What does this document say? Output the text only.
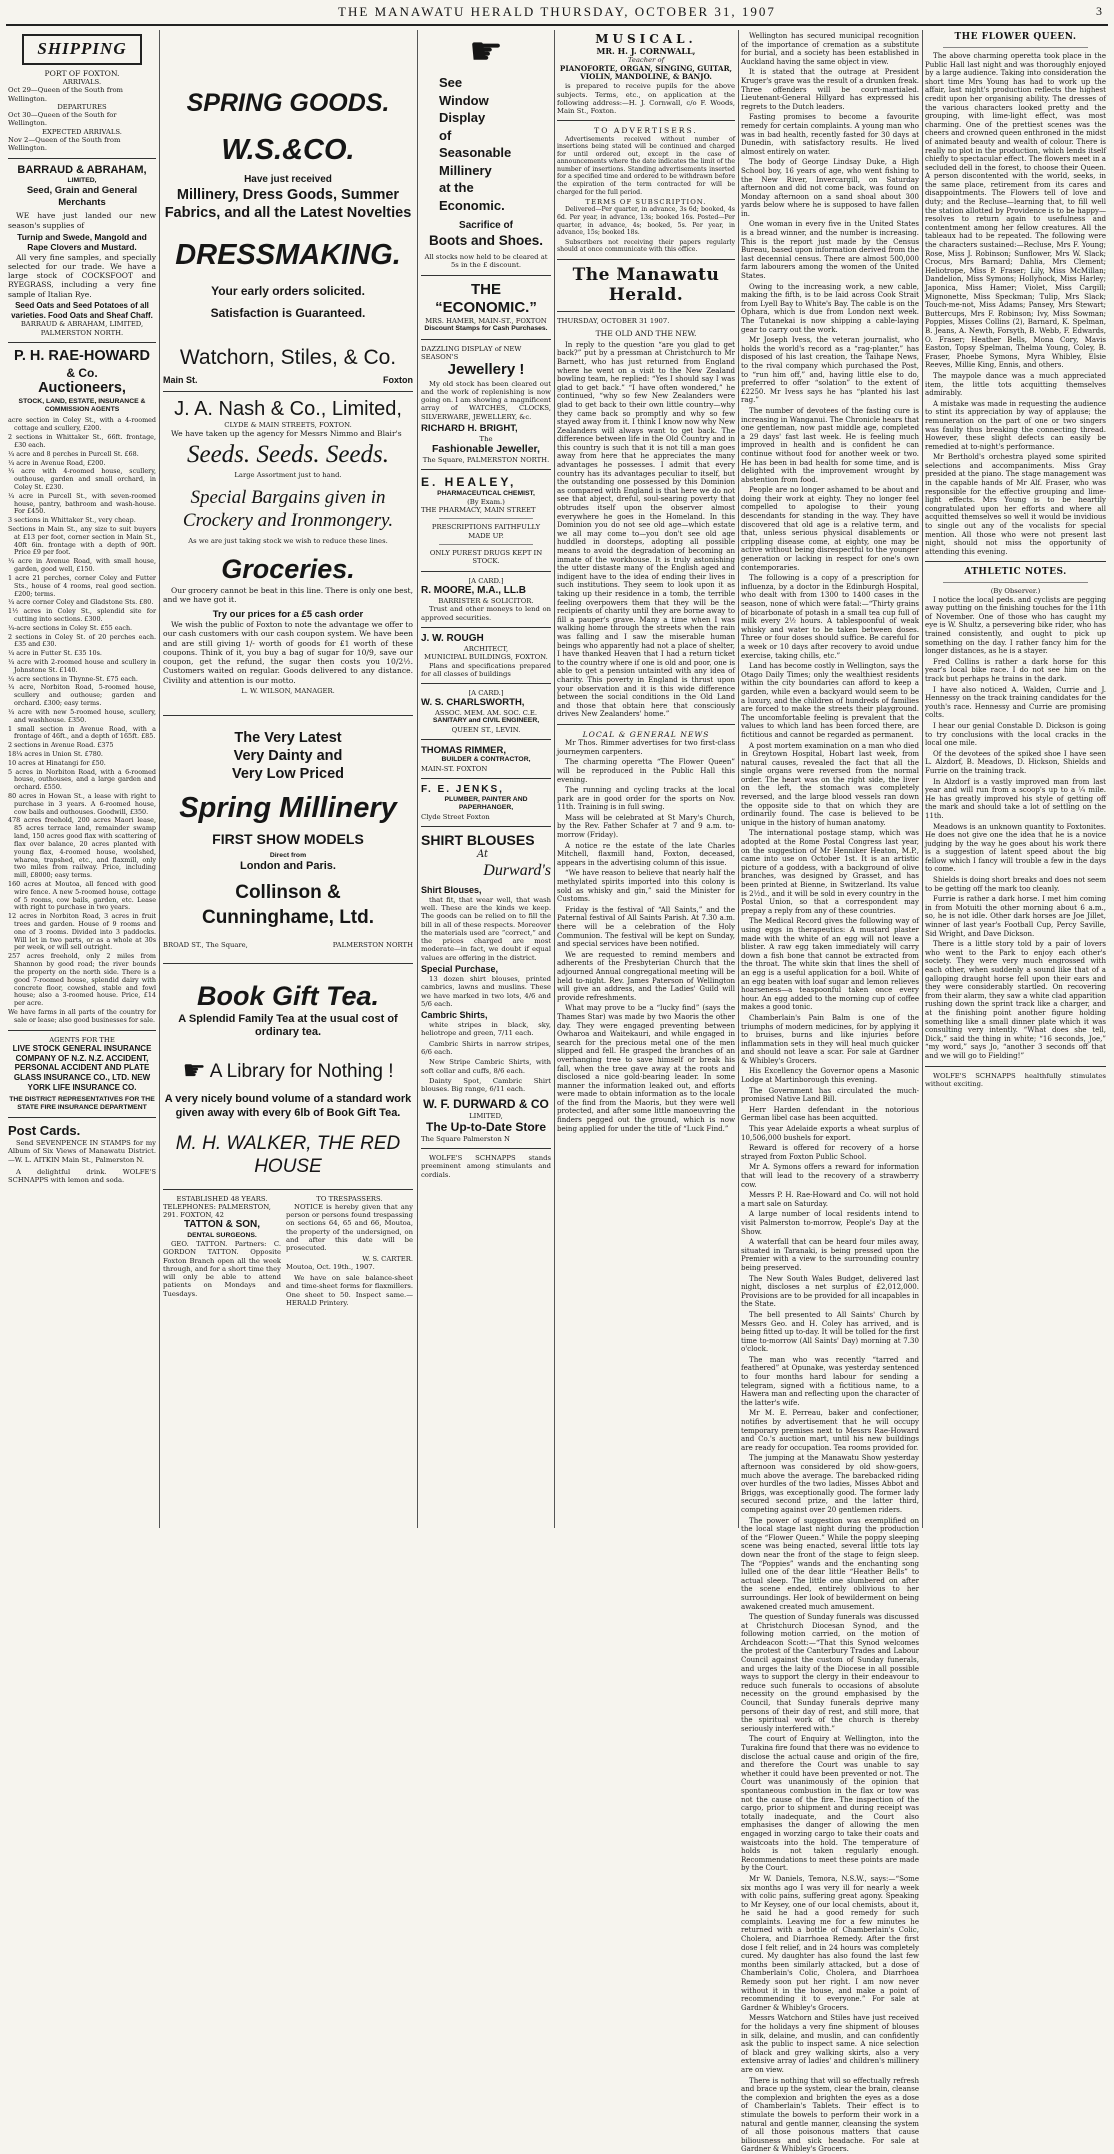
THE MANAWATU HERALD THURSDAY, OCTOBER 31, 1907	3
SHIPPING
PORT OF FOXTON.
ARRIVALS.
Oct 29—Queen of the South from Wellington.
DEPARTURES
Oct 30—Queen of the South for Wellington.
EXPECTED ARRIVALS.
Nov 2—Queen of the South from Wellington.
BARRAUD & ABRAHAM,
LIMITED,
Seed, Grain and General
Merchants
WE have just landed our new season's supplies of
Turnip and Swede, Mangold and Rape Clovers and Mustard.
All very fine samples, and specially selected for our trade. We have a large stock of COCKSFOOT and RYEGRASS, including a very fine sample of Italian Rye.
Seed Oats and Seed Potatoes of all varieties. Food Oats and Sheaf Chaff.
BARRAUD & ABRAHAM, LIMITED, PALMERSTON NORTH.
P. H. RAE-HOWARD
& Co.
Auctioneers,
STOCK, LAND, ESTATE, INSURANCE & COMMISSION AGENTS
acre section in Coley St., with a 4-roomed cottage and scullery, £200.
2 sections in Whittaker St., 66ft. frontage, £30 each.
¼ acre and 8 perches in Purcell St. £68.
¼ acre in Avenue Road, £200.
¼ acre with 4-roomed house, scullery, outhouse, garden and small orchard, in Coley St. £230.
¼ acre in Purcell St., with seven-roomed house, pantry, bathroom and wash-house. For £450.
3 sections in Whittaker St., very cheap.
Sections in Main St., any size to suit buyers at £13 per foot, corner section in Main St., 40ft 6in. frontage with a depth of 90ft. Price £9 per foot.
¼ acre in Avenue Road, with small house, garden, good well, £150.
1 acre 21 perches, corner Coley and Futter Sts., house of 4 rooms, real good section. £200; terms.
¼ acre corner Coley and Gladstone Sts. £80.
1½ acres in Coley St., splendid site for cutting into sections. £300.
¼-acre sections in Coley St. £55 each.
2 sections in Coley St. of 20 perches each. £35 and £30.
¼ acre in Futter St. £35 10s.
¼ acre with 2-roomed house and scullery in Johnstone St. £140.
¼ acre sections in Thynne-St. £75 each.
¼ acre, Norbiton Road, 5-roomed house, scullery and outhouse; garden and orchard. £300; easy terms.
¼ acre with new 5-roomed house, scullery, and washhouse. £350.
1 small section in Avenue Road, with a frontage of 46ft., and a depth of 165ft. £85.
2 sections in Avenue Road. £375
18¼ acres in Union St. £780.
10 acres at Hinatangi for £50.
5 acres in Norbiton Road, with a 6-roomed house, outhouses, and a large garden and orchard. £550.
80 acres in Howan St., a lease with right to purchase in 3 years. A 6-roomed house, cow bails and outhouses. Goodwill, £350.
478 acres freehold, 200 acres Maori lease, 85 acres terrace land, remainder swamp land, 150 acres good flax with scattering of flax over balance, 20 acres planted with young flax, 4-roomed house, woolshed, wharea, trapshed, etc., and flaxmill, only two miles from railway. Price, including mill, £8000; easy terms.
160 acres at Moutoa, all fenced with good wire fence. A new 5-roomed house, cottage of 5 rooms, cow bails, garden, etc. Lease with right to purchase in two years.
12 acres in Norbiton Road, 3 acres in fruit trees and garden. House of 9 rooms and one of 3 rooms. Divided into 3 paddocks. Will let in two parts, or as a whole at 30s per week, or will sell outright.
257 acres freehold, only 2 miles from Shannon by good road; the river bounds the property on the north side. There is a good 7-roomed house, splendid dairy with concrete floor, cowshed, stable and fowl house; also a 3-roomed house. Price, £14 per acre.
We have farms in all parts of the country for sale or lease; also good businesses for sale.
AGENTS FOR THE
LIVE STOCK GENERAL INSURANCE COMPANY OF N.Z. N.Z. ACCIDENT, PERSONAL ACCIDENT AND PLATE GLASS INSURANCE CO., LTD. NEW YORK LIFE INSURANCE CO.
THE DISTRICT REPRESENTATIVES FOR THE STATE FIRE INSURANCE DEPARTMENT
Post Cards.
Send SEVENPENCE IN STAMPS for my Album of Six Views of Manawatu District.—W. L. AITKIN Main St., Palmerston N.
A delightful drink. WOLFE'S SCHNAPPS with lemon and soda.
SPRING GOODS.
W.S.&CO.
Have just received
Millinery, Dress Goods, Summer Fabrics, and all the Latest Novelties
DRESSMAKING.
Your early orders solicited.
Satisfaction is Guaranteed.
Watchorn, Stiles, & Co.
Main St.	Foxton
J. A. Nash & Co., Limited,
CLYDE & MAIN STREETS, FOXTON.
We have taken up the agency for Messrs Nimmo and Blair's
Seeds. Seeds. Seeds.
Large Assortment just to hand.
Special Bargains given in Crockery and Ironmongery.
As we are just taking stock we wish to reduce these lines.
Groceries.
Our grocery cannot be beat in this line. There is only one best, and we have got it.
Try our prices for a £5 cash order
We wish the public of Foxton to note the advantage we offer to our cash customers with our cash coupon system. We have been and are still giving 1/- worth of goods for £1 worth of these coupons. Think of it, you buy a bag of sugar for 10/9, save our coupon, get the refund, the sugar then costs you 10/2½. Customers waited on regular. Goods delivered to any distance. Civility and attention is our motto.
L. W. WILSON, MANAGER.
The Very Latest
Very Dainty and
Very Low Priced
Spring Millinery
FIRST SHOW MODELS
Direct from
London and Paris.
Collinson & Cunninghame, Ltd.
BROAD ST., The Square,	PALMERSTON NORTH
Book Gift Tea.
A Splendid Family Tea at the usual cost of ordinary tea.
☛ A Library for Nothing !
A very nicely bound volume of a standard work given away with every 6lb of Book Gift Tea.
M. H. WALKER, THE RED HOUSE
ESTABLISHED 48 YEARS.
TELEPHONES: PALMERSTON, 291. FOXTON, 42
TATTON & SON,
DENTAL SURGEONS.
GEO. TATTON. Partners: C. GORDON TATTON. Opposite Foxton Branch open all the week through, and for a short time they will only be able to attend patients on Mondays and Tuesdays.
TO TRESPASSERS.
NOTICE is hereby given that any person or persons found trespassing on sections 64, 65 and 66, Moutoa, the property of the undersigned, on and after this date will be prosecuted.
W. S. CARTER.
Moutoa, Oct. 19th., 1907.
We have on sale balance-sheet and time-sheet forms for flaxmillers. One sheet to 50. Inspect same.—HERALD Printery.
☛
See
Window
Display
of
Seasonable
Millinery
at the
Economic.
Sacrifice of
Boots and Shoes.
All stocks now held to be cleared at 5s in the £ discount.
THE “ECONOMIC.”
MRS. HAMER, MAIN-ST., FOXTON
Discount Stamps for Cash Purchases.
DAZZLING DISPLAY of NEW SEASON'S
Jewellery !
My old stock has been cleared out and the work of replenishing is now going on. I am showing a magnificent array of WATCHES, CLOCKS, SILVERWARE, JEWELLERY, &c.
RICHARD H. BRIGHT,
The
Fashionable Jeweller,
The Square, PALMERSTON NORTH.
E. HEALEY,
PHARMACEUTICAL CHEMIST,
(By Exam.)
THE PHARMACY, MAIN STREET
PRESCRIPTIONS FAITHFULLY MADE UP.
ONLY PUREST DRUGS KEPT IN STOCK.
[A CARD.]
R. MOORE, M.A., LL.B
BARRISTER & SOLICITOR.
Trust and other moneys to lend on approved securities.
J. W. ROUGH
ARCHITECT,
MUNICIPAL BUILDINGS, FOXTON.
Plans and specifications prepared for all classes of buildings
[A CARD.]
W. S. CHARLSWORTH,
ASSOC. MEM. AM. SOC. C.E.
SANITARY and CIVIL ENGINEER,
QUEEN ST., LEVIN.
THOMAS RIMMER,
BUILDER & CONTRACTOR,
MAIN-ST. FOXTON
F. E. JENKS,
PLUMBER, PAINTER AND PAPERHANGER,
Clyde Street Foxton
SHIRT BLOUSES
At
Durward's
Shirt Blouses,
that fit, that wear well, that wash well. These are the kinds we keep. The goods can be relied on to fill the bill in all of these respects. Moreover the materials used are “correct,” and the prices charged are most moderate—in fact, we doubt if equal values are offering in the district.
Special Purchase,
13 dozen shirt blouses, printed cambrics, lawns and muslins. These we have marked in two lots, 4/6 and 5/6 each.
Cambric Shirts,
white stripes in black, sky, heliotrope and green, 7/11 each.
Cambric Shirts in narrow stripes, 6/6 each.
New Stripe Cambric Shirts, with soft collar and cuffs, 8/6 each.
Dainty Spot, Cambric Shirt blouses. Big range, 6/11 each.
W. F. DURWARD & CO
LIMITED,
The Up-to-Date Store
The Square Palmerston N
WOLFE'S SCHNAPPS stands preeminent among stimulants and cordials.
MUSICAL.
MR. H. J. CORNWALL,
Teacher of
PIANOFORTE, ORGAN, SINGING, GUITAR, VIOLIN, MANDOLINE, & BANJO.
is prepared to receive pupils for the above subjects. Terms, etc., on application at the following address:—H. J. Cornwall, c/o F. Woods, Main St., Foxton.
TO ADVERTISERS.
Advertisements received without number of insertions being stated will be continued and charged for until ordered out, except in the case of announcements where the date indicates the limit of the number of insertions. Standing advertisements inserted for a specified time and ordered to be withdrawn before the expiration of the term contracted for will be charged for the full period.
TERMS OF SUBSCRIPTION.
Delivered—Per quarter, in advance, 3s 6d; booked, 4s 6d. Per year, in advance, 13s; booked 16s. Posted—Per quarter, in advance, 4s; booked, 5s. Per year, in advance, 15s; booked 18s.
Subscribers not receiving their papers regularly should at once communicate with this office.
The Manawatu Herald.
THURSDAY, OCTOBER 31 1907.
THE OLD AND THE NEW.
In reply to the question “are you glad to get back?” put by a pressman at Christchurch to Mr Barnett, who has just returned from England where he went on a visit to the New Zealand bowling team, he replied: “Yes I should say I was glad to get back.” “I have often wondered,” he continued, “why so few New Zealanders were glad to get back to their own little country—why they came back so promptly and why so few stayed away from it. I think I know now why New Zealanders will always want to get back. The difference between life in the Old Country and in this country is such that it is not till a man goes away from here that he appreciates the many advantages he possesses. I admit that every country has its advantages peculiar to itself, but the outstanding one possessed by this Dominion as compared with England is that here we do not see that abject, dreful, soul-searing poverty that obtrudes itself upon the observer almost everywhere he goes in the Homeland. In this Dominion you do not see old age—which estate we all may come to—you don't see old age huddled in doorsteps, adopting all possible means to avoid the degradation of becoming an inmate of the workhouse. It is truly astonishing the utter distaste many of the English aged and indigent have to the idea of ending their lives in such institutions. They seem to look upon it as taking up their residence in a tomb, the terrible feeling overpowers them that they will be the recipients of charity until they are borne away to fill a pauper's grave. Many a time when I was walking home through the streets when the rain was falling and I saw the miserable human beings who apparently had not a place of shelter, I have thanked Heaven that I had a return ticket to the country where if one is old and poor, one is able to get a pension untainted with any idea of charity. This poverty in England is thrust upon your observation and it is this wide difference between the social conditions in the Old Land and those that obtain here that consciously drives New Zealanders' home.”
LOCAL & GENERAL NEWS
Mr Thos. Rimmer advertises for two first-class journeymen carpenters.
The charming operetta “The Flower Queen” will be reproduced in the Public Hall this evening.
The running and cycling tracks at the local park are in good order for the sports on Nov. 11th. Training is in full swing.
Mass will be celebrated at St Mary's Church, by the Rev. Father Schafer at 7 and 9 a.m. to-morrow (Friday).
A notice re the estate of the late Charles Mitchell, flaxmill hand, Foxton, deceased, appears in the advertising column of this issue.
“We have reason to believe that nearly half the methylated spirits imported into this colony is sold as whisky and gin,” said the Minister for Customs.
Friday is the festival of “All Saints,” and the Paternal festival of All Saints Parish. At 7.30 a.m. there will be a celebration of the Holy Communion. The festival will be kept on Sunday, and special services have been notified.
We are requested to remind members and adherents of the Presbyterian Church that the adjourned Annual congregational meeting will be held to-night. Rev. James Paterson of Wellington will give an address, and the Ladies' Guild will provide refreshments.
What may prove to be a “lucky find” (says the Thames Star) was made by two Maoris the other day. They were engaged preventing between Owharoa and Waitekauri, and while engaged in search for the precious metal one of the men slipped and fell. He grasped the branches of an overhanging tree to save himself or break his fall, when the tree gave away at the roots and disclosed a nice gold-bearing leader. In some manner the information leaked out, and efforts were made to obtain information as to the locale of the find from the Maoris, but they were well protected, and after some little manoeuvring the finders pegged out the ground, which is now being applied for under the title of “Luck Find.”
Wellington has secured municipal recognition of the importance of cremation as a substitute for burial, and a society has been established in Auckland having the same object in view.
It is stated that the outrage at President Kruger's grave was the result of a drunken freak. Three offenders will be court-martialed. Lieutenant-General Hillyard has expressed his regrets to the Dutch leaders.
Fasting promises to become a favourite remedy for certain complaints. A young man who was in bad health, recently fasted for 30 days at Dunedin, with satisfactory results. He lived almost entirely on water.
The body of George Lindsay Duke, a High School boy, 16 years of age, who went fishing to the New River, Invercargill, on Saturday afternoon and did not come back, was found on Monday afternoon on a sand shoal about 300 yards below where he is supposed to have fallen in.
One woman in every five in the United States is a bread winner, and the number is increasing. This is the report just made by the Census Bureau, based upon information derived from the last decennial census. There are almost 500,000 farm labourers among the women of the United States.
Owing to the increasing work, a new cable, making the fifth, is to be laid across Cook Strait from Lyell Bay to White's Bay. The cable is on the Ophara, which is due from London next week. The Tutanekai is now shipping a cable-laying gear to carry out the work.
Mr Joseph Ivess, the veteran journalist, who holds the world's record as a “rag-planter,” has disposed of his last creation, the Taihape News, to the rival company which purchased the Post, to “run him off,” and, having little else to do, preferred to offer “solation” to the extent of £2250. Mr Ivess says he has “planted his last rag.”
The number of devotees of the fasting cure is increasing in Wanganui. The Chronicle hears that one gentleman, now past middle age, completed a 29 days' fast last week. He is feeling much improved in health and is confident he can continue without food for another week or two. He has been in bad health for some time, and is delighted with the improvement wrought by abstention from food.
People are no longer ashamed to be about and doing their work at eighty. They no longer feel compelled to apologise to their young descendants for standing in the way. They have discovered that old age is a relative term, and that, unless serious physical disablements or crippling disease come, at eighty, one may be active without being disrespectful to the younger generation or lacking in respect for one's own contemporaries.
The following is a copy of a prescription for influenza, by a doctor in the Edinburgh Hospital, who dealt with from 1300 to 1400 cases in the season, none of which were fatal:—“Thirty grains of bicarbonate of potash in a small tea cup full of milk every 2½ hours. A tablespoonful of weak whisky and water to be taken between doses. Three or four doses should suffice. Be careful for a week or 10 days after recovery to avoid undue exercise, taking chills, etc.”
Land has become costly in Wellington, says the Otago Daily Times; only the wealthiest residents within the city boundaries can afford to keep a garden, while even a backyard would seem to be a luxury, and the children of hundreds of families are forced to make the streets their playground. The uncomfortable feeling is prevalent that the values to which land has been forced there, are fictitious and cannot be regarded as permanent.
A post mortem examination on a man who died in Greytown Hospital, Hobart last week, from natural causes, revealed the fact that all the single organs were reversed from the normal order. The heart was on the right side, the liver on the left, the stomach was completely reversed, and the large blood vessels ran down the opposite side to that on which they are ordinarily found. The case is believed to be unique in the history of human anatomy.
The international postage stamp, which was adopted at the Rome Postal Congress last year, on the suggestion of Mr Henniker Heaton, M.P., came into use on October 1st. It is an artistic picture of a goddess, with a background of olive branches, was designed by Grasset, and has been printed at Bienne, in Switzerland. Its value is 2½d., and it will be sold in every country in the Postal Union, so that a correspondent may prepay a reply from any of these countries.
The Medical Record gives the following way of using eggs in therapeutics: A mustard plaster made with the white of an egg will not leave a blister. A raw egg taken immediately will carry down a fish bone that cannot be extracted from the throat. The white skin that lines the shell of an egg is a useful application for a boil. White of an egg beaten with loaf sugar and lemon relieves hoarseness—a teaspoonful taken once every hour. An egg added to the morning cup of coffee makes a good tonic.
Chamberlain's Pain Balm is one of the triumphs of modern medicines, for by applying it to bruises, burns and like injuries before inflammation sets in they will heal much quicker and should not leave a scar. For sale at Gardner & Whibley's Grocers.
His Excellency the Governor opens a Masonic Lodge at Martinborough this evening.
The Government has circulated the much-promised Native Land Bill.
Herr Harden defendant in the notorious German libel case has been acquitted.
This year Adelaide exports a wheat surplus of 10,506,000 bushels for export.
Reward is offered for recovery of a horse strayed from Foxton Public School.
Mr A. Symons offers a reward for information that will lead to the recovery of a strawberry cow.
Messrs P. H. Rae-Howard and Co. will not hold a mart sale on Saturday.
A large number of local residents intend to visit Palmerston to-morrow, People's Day at the Show.
A waterfall that can be heard four miles away, situated in Taranaki, is being pressed upon the Premier with a view to the surrounding country being preserved.
The New South Wales Budget, delivered last night, discloses a net surplus of £2,012,000. Provisions are to be provided for all incapables in the State.
The bell presented to All Saints' Church by Messrs Geo. and H. Coley has arrived, and is being fitted up to-day. It will be tolled for the first time to-morrow (All Saints' Day) morning at 7.30 o'clock.
The man who was recently “tarred and feathered” at Opunake, was yesterday sentenced to four months hard labour for sending a telegram, signed with a fictitious name, to a Hawera man and reflecting upon the character of the latter's wife.
Mr M. E. Perreau, baker and confectioner, notifies by advertisement that he will occupy temporary premises next to Messrs Rae-Howard and Co.'s auction mart, until his new buildings are ready for occupation. Tea rooms provided for.
The jumping at the Manawatu Show yesterday afternoon was considered by old show-goers, much above the average. The barebacked riding over hurdles of the two ladies, Misses Abbot and Briggs, was exceptionally good. The former lady secured second prize, and the latter third, competing against over 20 gentlemen riders.
The power of suggestion was exemplified on the local stage last night during the production of the “Flower Queen.” While the poppy sleeping scene was being enacted, several little tots lay down near the front of the stage to feign sleep. The “Poppies” wands and the enchanting song lulled one of the dear little “Heather Bells” to actual sleep. The little one slumbered on after the scene ended, entirely oblivious to her surroundings. Her look of bewilderment on being awakened created much amusement.
The question of Sunday funerals was discussed at Christchurch Diocesan Synod, and the following motion carried, on the motion of Archdeacon Scott:—“That this Synod welcomes the protest of the Canterbury Trades and Labour Council against the custom of Sunday funerals, and urges the laity of the Diocese in all possible ways to support the clergy in their endeavour to reduce such funerals to occasions of absolute necessity on the ground emphasised by the Council, that Sunday funerals deprive many persons of their day of rest, and still more, that the spiritual work of the church is thereby seriously interfered with.”
The court of Enquiry at Wellington, into the Turakina fire found that there was no evidence to disclose the actual cause and origin of the fire, and therefore the Court was unable to say whether it could have been prevented or not. The Court was unanimously of the opinion that spontaneous combustion in the flax or tow was not the cause of the fire. The inspection of the cargo, prior to shipment and during receipt was totally inadequate, and the Court also emphasises the danger of allowing the men engaged in worzing cargo to take their coats and waistcoats into the hold. The temperature of holds is not taken regularly enough. Recommendations to meet these points are made by the Court.
Mr W. Daniels, Temora, N.S.W., says:—“Some six months ago I was very ill for nearly a week with colic pains, suffering great agony. Speaking to Mr Keysey, one of our local chemists, about it, he said he had a good remedy for such complaints. Leaving me for a few minutes he returned with a bottle of Chamberlain's Colic, Cholera, and Diarrhoea Remedy. After the first dose I felt relief, and in 24 hours was completely cured. My daughter has also found the last few months been similarly attacked, but a dose of Chamberlain's Colic, Cholera, and Diarrhoea Remedy soon put her right. I am now never without it in the house, and make a point of recommending it to everyone.” For sale at Gardner & Whibley's Grocers.
Messrs Watchorn and Stiles have just received for the holidays a very fine shipment of blouses in silk, delaine, and muslin, and can confidently ask the public to inspect same. A nice selection of black and grey walking skirts, also a very extensive array of ladies' and children's millinery are on view.
There is nothing that will so effectually refresh and brace up the system, clear the brain, cleanse the complexion and brighten the eyes as a dose of Chamberlain's Tablets. Their effect is to stimulate the bowels to perform their work in a natural and gentle manner, cleansing the system of all those poisonous matters that cause biliousness and sick headache. For sale at Gardner & Whibley's Grocers.
THE FLOWER QUEEN.
The above charming operetta took place in the Public Hall last night and was thoroughly enjoyed by a large audience. Taking into consideration the short time Mrs Young has had to work up the affair, last night's production reflects the highest credit upon her organising ability. The dresses of the various characters looked pretty and the grouping, with lime-light effect, was most charming. One of the prettiest scenes was the cheers and crowned queen enthroned in the midst of animated beauty and wealth of colour. There is really no plot in the production, which lends itself chiefly to spectacular effect. The flowers meet in a secluded dell in the forest, to choose their Queen. A person discontented with the world, seeks, in the same place, retirement from its cares and disappointments. The Flowers tell of love and duty; and the Recluse—learning that, to fill well the station allotted by Providence is to be happy—resolves to return again to usefulness and contentment among her fellow creatures. All the tableaux had to be repeated. The following were the characters sustained:—Recluse, Mrs F. Young; Rose, Miss J. Robinson; Sunflower, Mrs W. Slack; Crocus, Mrs Barnard; Dahlia, Mrs Clement; Heliotrope, Miss P. Fraser; Lily, Miss McMillan; Dandelion, Miss Symons; Hollyhock, Miss Harley; Japonica, Miss Hamer; Violet, Miss Cargill; Mignonette, Miss Speckman; Tulip, Mrs Slack; Touch-me-not, Miss Adams; Pansey, Mrs Stewart; Buttercups, Mrs F. Robinson; Ivy, Miss Sowman; Poppies, Misses Collins (2), Barnard, K. Spelman, B. Jeans, A. Newth, Forsyth, B. Webb, F. Edwards, O. Fraser; Heather Bells, Mona Cory, Mavis Easton, Topsy Spelman, Thelma Young, Coley, B. Fraser, Phoebe Symons, Myra Whibley, Elsie Reeves, Millie King, Ennis, and others.
The maypole dance was a much appreciated item, the little tots acquitting themselves admirably.
A mistake was made in requesting the audience to stint its appreciation by way of applause; the remuneration on the part of one or two singers was faulty thus breaking the connecting thread. However, these slight defects can easily be remedied at to-night's performance.
Mr Berthold's orchestra played some spirited selections and accompaniments. Miss Gray presided at the piano. The stage management was in the capable hands of Mr Alf. Fraser, who was responsible for the effective grouping and lime-light effects. Mrs Young is to be heartily congratulated upon her efforts and where all acquitted themselves so well it would be invidious to single out any of the vocalists for special mention. All those who were not present last night, should not miss the opportunity of attending this evening.
ATHLETIC NOTES.
(By Observer.)
I notice the local peds. and cyclists are pegging away putting on the finishing touches for the 11th of November. One of those who has caught my eye is W. Shultz, a persevering bike rider, who has trained consistently, and ought to pick up something on the day. I rather fancy him for the longer distances, as he is a stayer.
Fred Collins is rather a dark horse for this year's local bike race. I do not see him on the track but perhaps he trains in the dark.
I have also noticed A. Walden, Currie and J. Hennessy on the track training candidates for the youth's race. Hennessy and Currie are promising colts.
I hear our genial Constable D. Dickson is going to try conclusions with the local cracks in the local one mile.
Of the devotees of the spiked shoe I have seen L. Alzdorf, B. Meadows, D. Hickson, Shields and Furrie on the training track.
In Alzdorf is a vastly improved man from last year and will run from a scoop's up to a ¼ mile. He has greatly improved his style of getting off the mark and should take a lot of settling on the 11th.
Meadows is an unknown quantity to Foxtonites. He does not give one the idea that he is a novice judging by the way he goes about his work there is a suggestion of latent speed about the big fellow which I fancy will trouble a few in the days to come.
Shields is doing short breaks and does not seem to be getting off the mark too cleanly.
Furrie is rather a dark horse. I met him coming in from Motuiti the other morning about 6 a.m., so, he is not idle. Other dark horses are Joe Jillet, winner of last year's Football Cup, Percy Saville, Sid Wright, and Dave Dickson.
There is a little story told by a pair of lovers who went to the Park to enjoy each other's society. They were very much engrossed with each other, when suddenly a sound like that of a galloping draught horse fell upon their ears and they were considerably startled. On recovering from their alarm, they saw a white clad apparition rushing down the sprint track like a charger, and at the finishing point another figure holding something like a small dinner plate which it was consulting very intently. “What does she tell, Dick,” said the thing in white; “16 seconds, Joe,” “my word,” says Jo, “another 3 seconds off that and we will go to Fielding!”
WOLFE'S SCHNAPPS healthfully stimulates without exciting.
